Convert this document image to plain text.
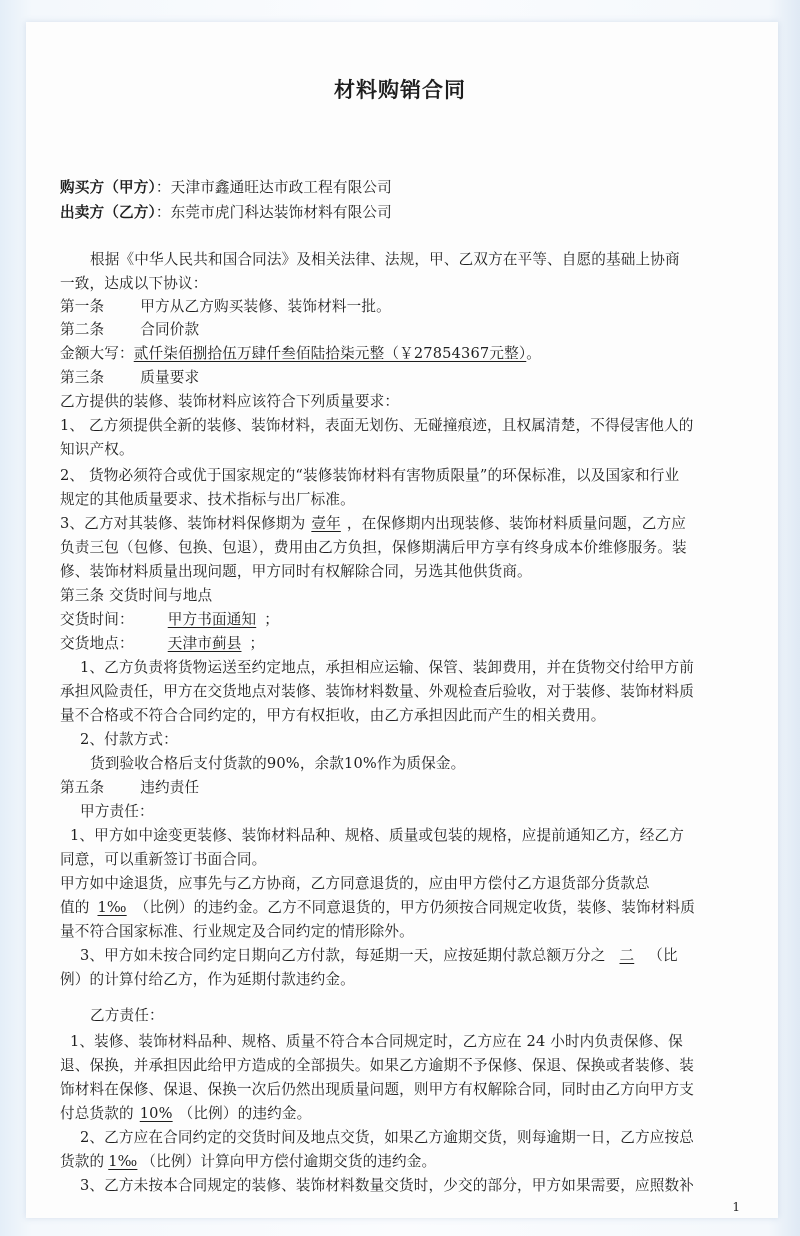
材料购销合同
购买方（甲方）：天津市鑫通旺达市政工程有限公司
出卖方（乙方）：东莞市虎门科达装饰材料有限公司
根据《中华人民共和国合同法》及相关法律、法规，甲、乙双方在平等、自愿的基础上协商
一致，达成以下协议：
第一条 甲方从乙方购买装修、装饰材料一批。
第二条 合同价款
金额大写：贰仟柒佰捌拾伍万肆仟叁佰陆拾柒元整（￥27854367元整）。
第三条 质量要求
乙方提供的装修、装饰材料应该符合下列质量要求：
1、 乙方须提供全新的装修、装饰材料，表面无划伤、无碰撞痕迹，且权属清楚，不得侵害他人的
知识产权。
2、 货物必须符合或优于国家规定的“装修装饰材料有害物质限量”的环保标准，以及国家和行业
规定的其他质量要求、技术指标与出厂标准。
3、乙方对其装修、装饰材料保修期为 壹年 ，在保修期内出现装修、装饰材料质量问题，乙方应
负责三包（包修、包换、包退），费用由乙方负担，保修期满后甲方享有终身成本价维修服务。装
修、装饰材料质量出现问题，甲方同时有权解除合同，另选其他供货商。
第三条 交货时间与地点
交货时间： 甲方书面通知 ；
交货地点： 天津市蓟县 ；
1、乙方负责将货物运送至约定地点，承担相应运输、保管、装卸费用，并在货物交付给甲方前
承担风险责任，甲方在交货地点对装修、装饰材料数量、外观检查后验收，对于装修、装饰材料质
量不合格或不符合合同约定的，甲方有权拒收，由乙方承担因此而产生的相关费用。
2、付款方式：
货到验收合格后支付货款的90%，余款10%作为质保金。
第五条 违约责任
甲方责任：
1、甲方如中途变更装修、装饰材料品种、规格、质量或包装的规格，应提前通知乙方，经乙方
同意，可以重新签订书面合同。
甲方如中途退货，应事先与乙方协商，乙方同意退货的，应由甲方偿付乙方退货部分货款总
值的 1‰ （比例）的违约金。乙方不同意退货的，甲方仍须按合同规定收货，装修、装饰材料质
量不符合国家标准、行业规定及合同约定的情形除外。
3、甲方如未按合同约定日期向乙方付款，每延期一天，应按延期付款总额万分之 二 （比
例）的计算付给乙方，作为延期付款违约金。
乙方责任：
1、装修、装饰材料品种、规格、质量不符合本合同规定时，乙方应在 24 小时内负责保修、保
退、保换，并承担因此给甲方造成的全部损失。如果乙方逾期不予保修、保退、保换或者装修、装
饰材料在保修、保退、保换一次后仍然出现质量问题，则甲方有权解除合同，同时由乙方向甲方支
付总货款的 10% （比例）的违约金。
2、乙方应在合同约定的交货时间及地点交货，如果乙方逾期交货，则每逾期一日，乙方应按总
货款的 1‰ （比例）计算向甲方偿付逾期交货的违约金。
3、乙方未按本合同规定的装修、装饰材料数量交货时，少交的部分，甲方如果需要，应照数补
1
